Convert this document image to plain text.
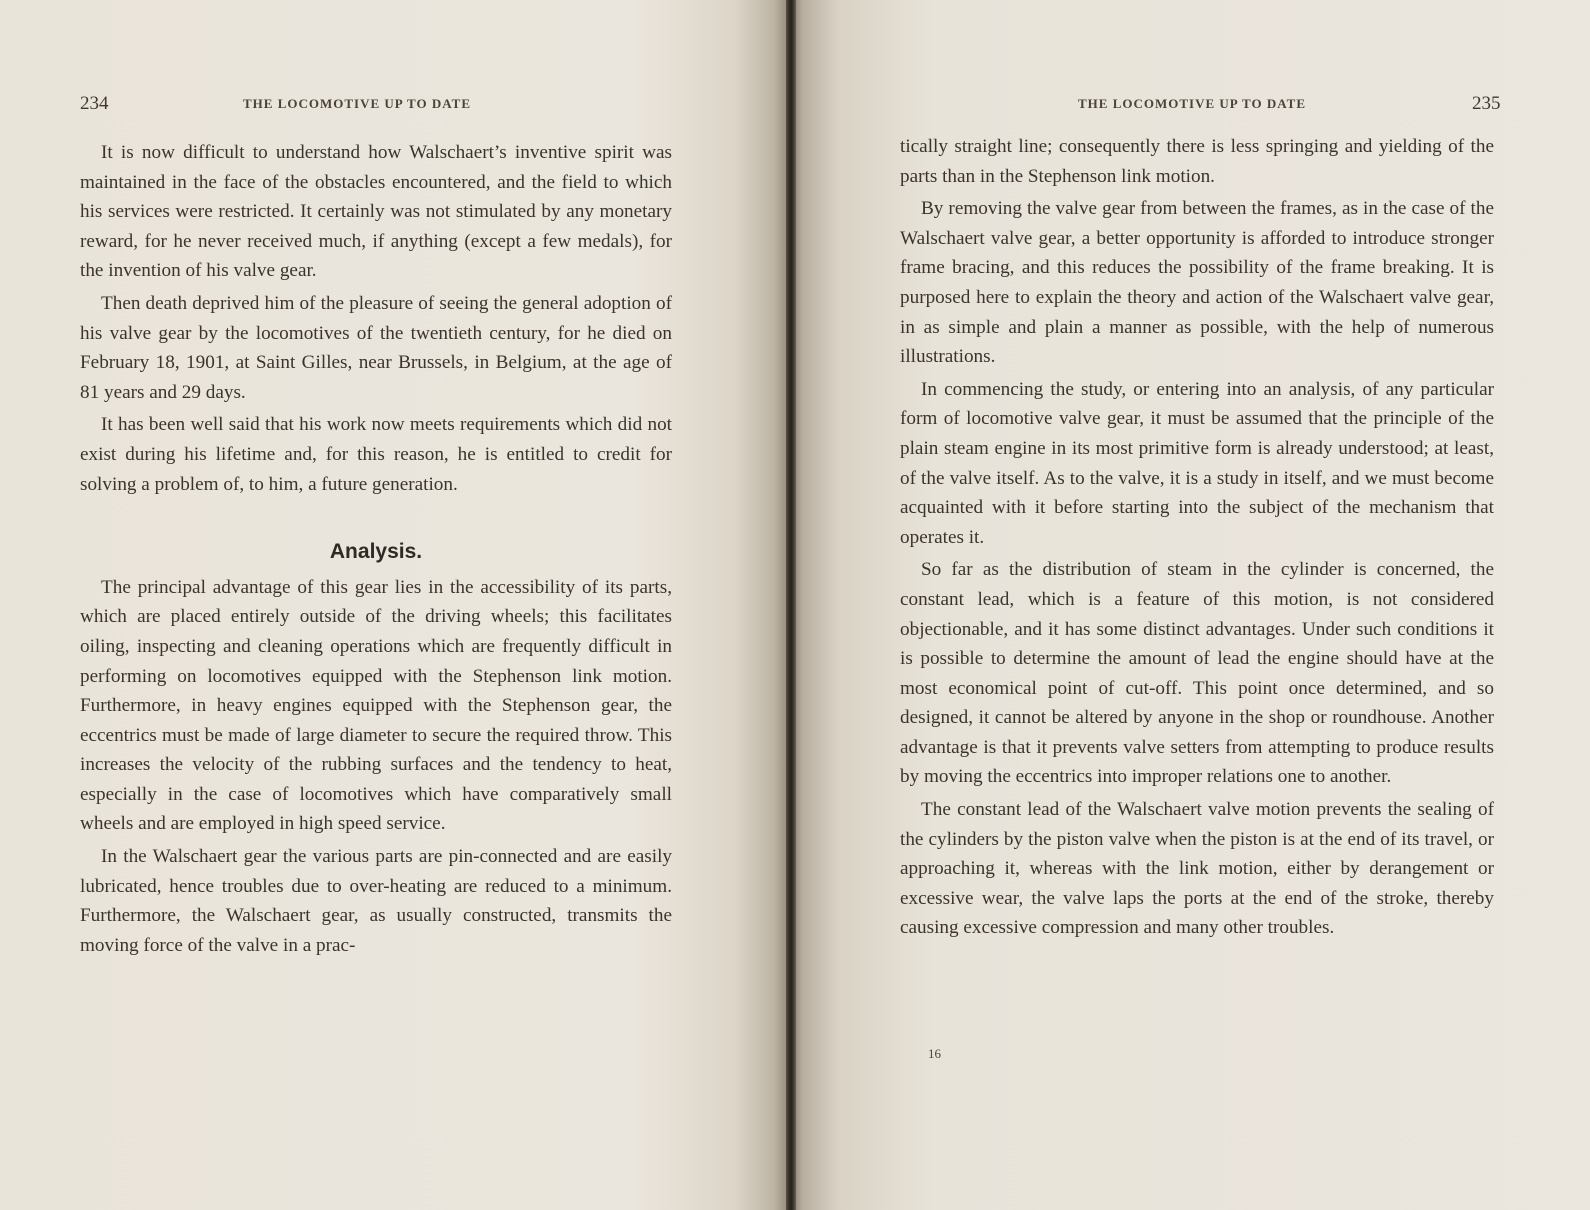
234	THE LOCOMOTIVE UP TO DATE

It is now difficult to understand how Walschaert’s inventive spirit was maintained in the face of the obstacles encountered, and the field to which his services were restricted. It certainly was not stimulated by any monetary reward, for he never received much, if anything (except a few medals), for the invention of his valve gear.

Then death deprived him of the pleasure of seeing the general adoption of his valve gear by the locomotives of the twentieth century, for he died on February 18, 1901, at Saint Gilles, near Brussels, in Belgium, at the age of 81 years and 29 days.

It has been well said that his work now meets requirements which did not exist during his lifetime and, for this reason, he is entitled to credit for solving a problem of, to him, a future generation.

Analysis.

The principal advantage of this gear lies in the accessibility of its parts, which are placed entirely outside of the driving wheels; this facilitates oiling, inspecting and cleaning operations which are frequently difficult in performing on locomotives equipped with the Stephenson link motion. Furthermore, in heavy engines equipped with the Stephenson gear, the eccentrics must be made of large diameter to secure the required throw. This increases the velocity of the rubbing surfaces and the tendency to heat, especially in the case of locomotives which have comparatively small wheels and are employed in high speed service.

In the Walschaert gear the various parts are pin-connected and are easily lubricated, hence troubles due to over-heating are reduced to a minimum. Furthermore, the Walschaert gear, as usually constructed, transmits the moving force of the valve in a prac-

THE LOCOMOTIVE UP TO DATE	235

tically straight line; consequently there is less springing and yielding of the parts than in the Stephenson link motion.

By removing the valve gear from between the frames, as in the case of the Walschaert valve gear, a better opportunity is afforded to introduce stronger frame bracing, and this reduces the possibility of the frame breaking. It is purposed here to explain the theory and action of the Walschaert valve gear, in as simple and plain a manner as possible, with the help of numerous illustrations.

In commencing the study, or entering into an analysis, of any particular form of locomotive valve gear, it must be assumed that the principle of the plain steam engine in its most primitive form is already understood; at least, of the valve itself. As to the valve, it is a study in itself, and we must become acquainted with it before starting into the subject of the mechanism that operates it.

So far as the distribution of steam in the cylinder is concerned, the constant lead, which is a feature of this motion, is not considered objectionable, and it has some distinct advantages. Under such conditions it is possible to determine the amount of lead the engine should have at the most economical point of cut-off. This point once determined, and so designed, it cannot be altered by anyone in the shop or roundhouse. Another advantage is that it prevents valve setters from attempting to produce results by moving the eccentrics into improper relations one to another.

The constant lead of the Walschaert valve motion prevents the sealing of the cylinders by the piston valve when the piston is at the end of its travel, or approaching it, whereas with the link motion, either by derangement or excessive wear, the valve laps the ports at the end of the stroke, thereby causing excessive compression and many other troubles.

16
